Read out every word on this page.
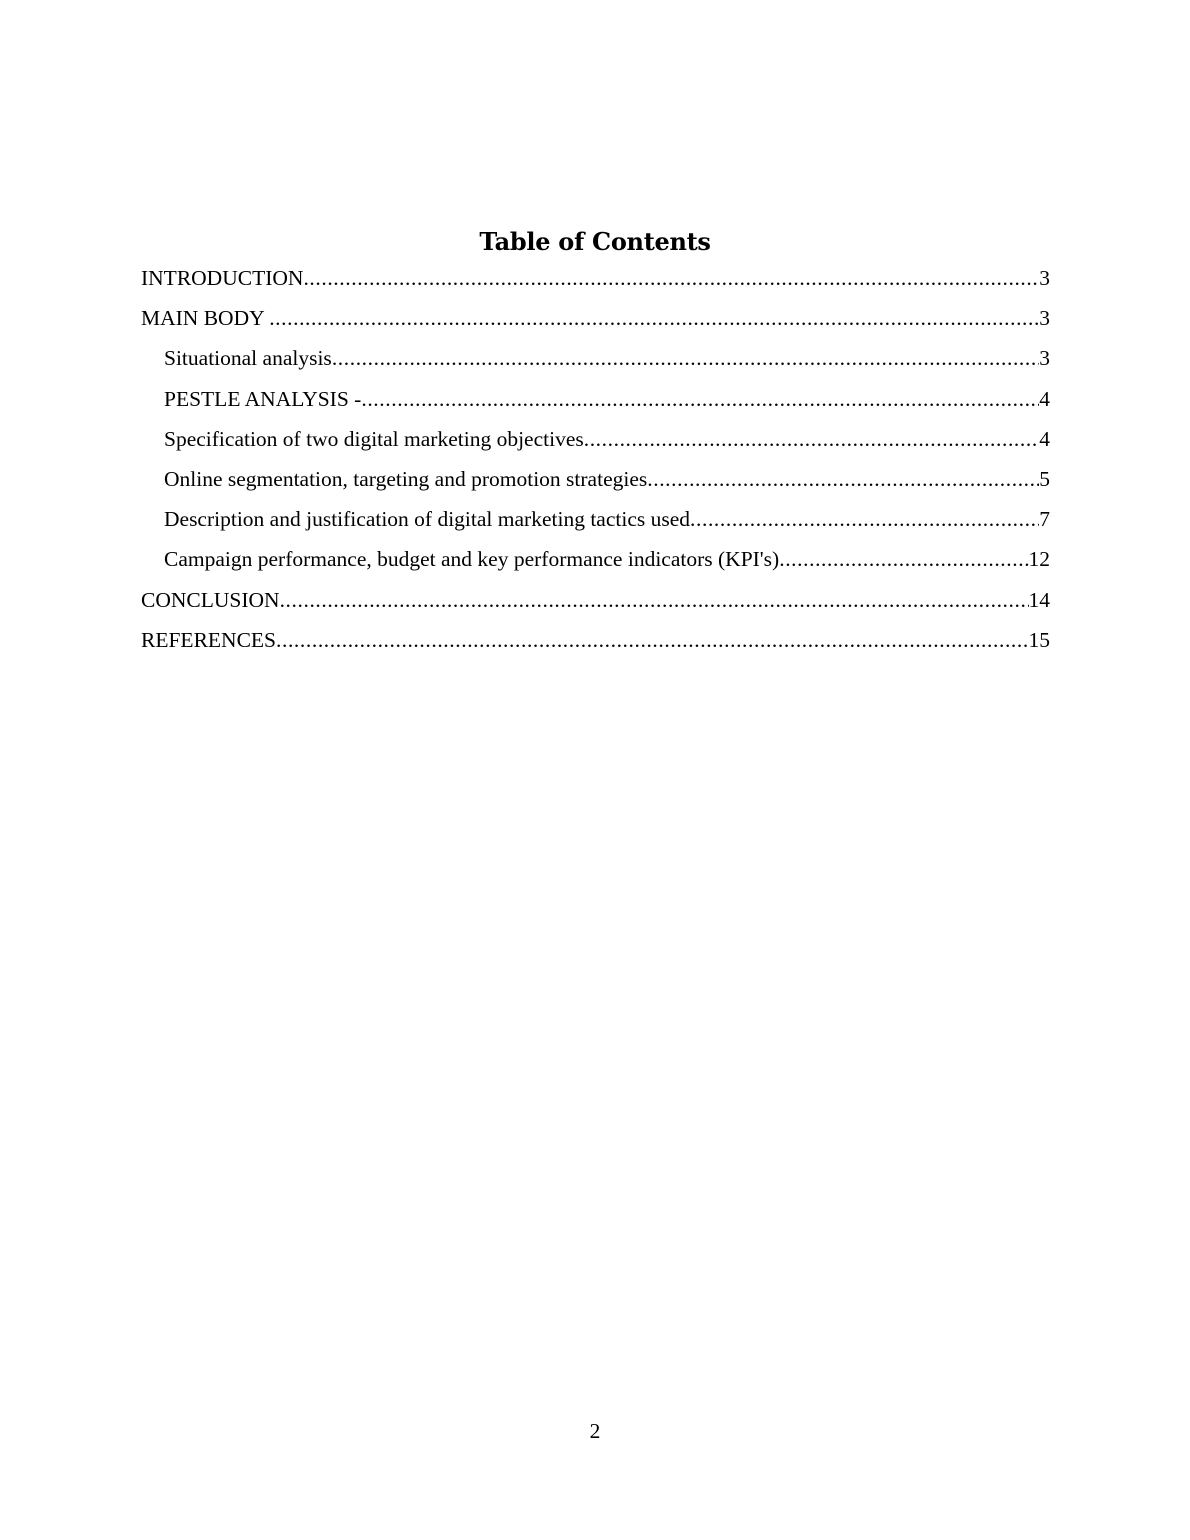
Table of Contents
INTRODUCTION .....	3
MAIN BODY .....	3
Situational analysis .....	3
PESTLE ANALYSIS - .....	4
Specification of two digital marketing objectives .....	4
Online segmentation, targeting and promotion strategies .....	5
Description and justification of digital marketing tactics used .....	7
Campaign performance, budget and key performance indicators (KPI's) .....	12
CONCLUSION .....	14
REFERENCES .....	15
2
